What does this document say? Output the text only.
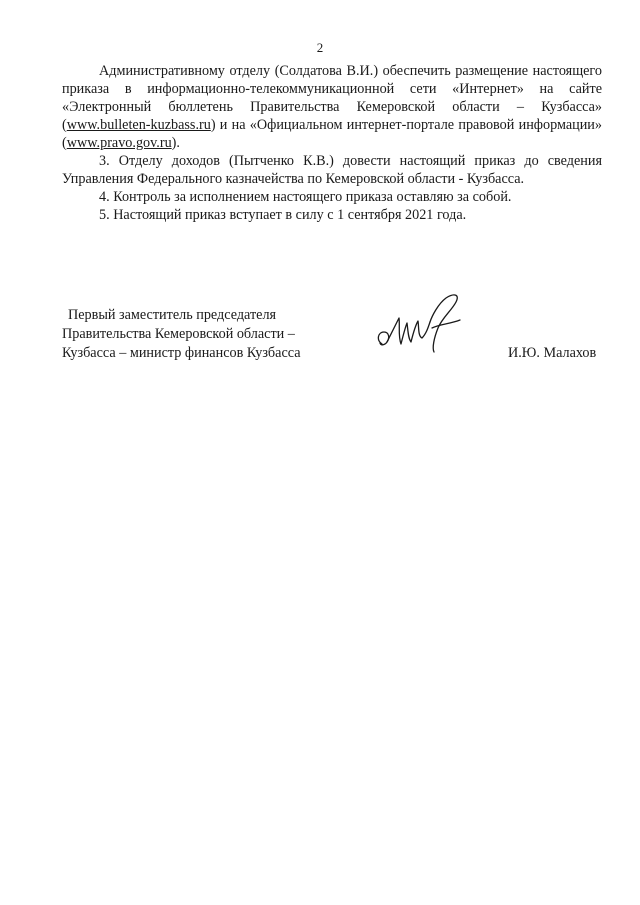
2

Административному отделу (Солдатова В.И.) обеспечить размещение настоящего приказа в информационно-телекоммуникационной сети «Интернет» на сайте «Электронный бюллетень Правительства Кемеровской области – Кузбасса» (www.bulleten-kuzbass.ru) и на «Официальном интернет-портале правовой информации» (www.pravo.gov.ru).

3. Отделу доходов (Пытченко К.В.) довести настоящий приказ до сведения Управления Федерального казначейства по Кемеровской области - Кузбасса.

4. Контроль за исполнением настоящего приказа оставляю за собой.

5. Настоящий приказ вступает в силу с 1 сентября 2021 года.

Первый заместитель председателя
Правительства Кемеровской области –
Кузбасса – министр финансов Кузбасса	И.Ю. Малахов
